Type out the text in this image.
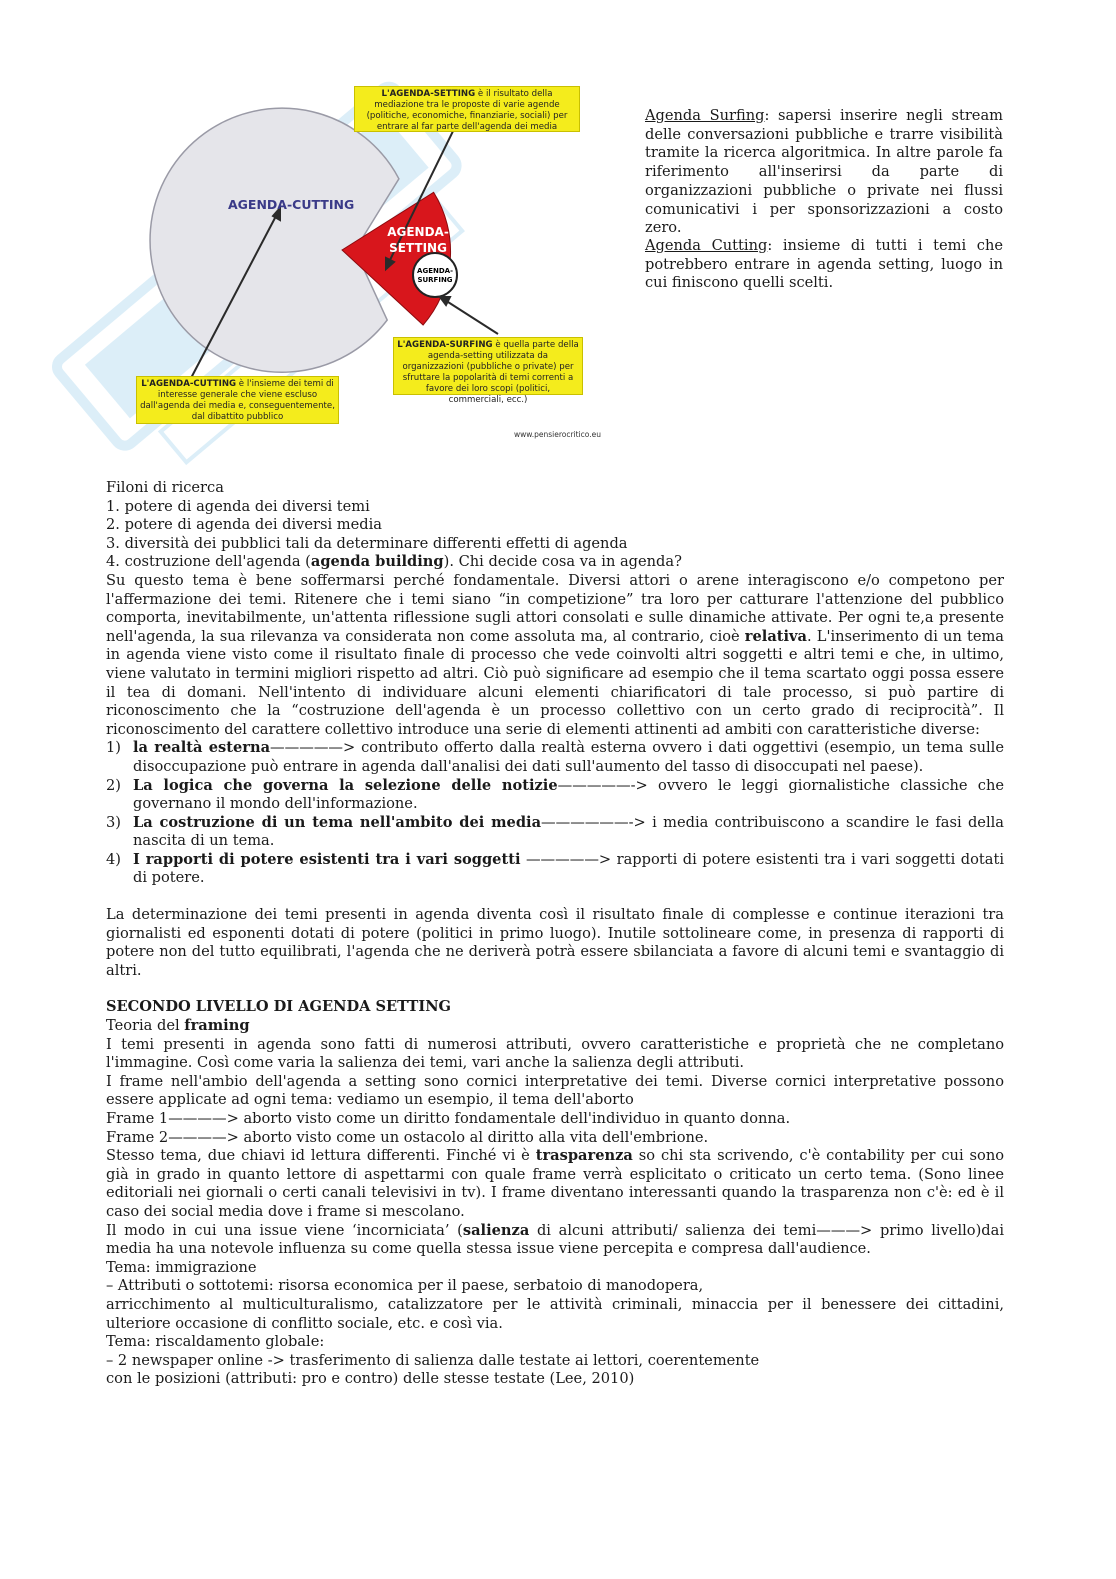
AGENDA-CUTTING
AGENDA-
SETTING
AGENDA-
SURFING
L'AGENDA-SETTING è il risultato della mediazione tra le proposte di varie agende (politiche, economiche, finanziarie, sociali) per entrare al far parte dell'agenda dei media
L'AGENDA-CUTTING è l'insieme dei temi di interesse generale che viene escluso dall'agenda dei media e, conseguentemente, dal dibattito pubblico
L'AGENDA-SURFING è quella parte della agenda-setting utilizzata da organizzazioni (pubbliche o private) per sfruttare la popolarità di temi correnti a favore dei loro scopi (politici, commerciali, ecc.)
www.pensierocritico.eu
Agenda Surfing: sapersi inserire negli stream delle conversazioni pubbliche e trarre visibilità tramite la ricerca algoritmica. In altre parole fa riferimento all'inserirsi da parte di organizzazioni pubbliche o private nei flussi comunicativi i per sponsorizzazioni a costo zero.
Agenda Cutting: insieme di tutti i temi che potrebbero entrare in agenda setting, luogo in cui finiscono quelli scelti.

Filoni di ricerca

1. potere di agenda dei diversi temi

2. potere di agenda dei diversi media

3. diversità dei pubblici tali da determinare differenti effetti di agenda

4. costruzione dell'agenda (agenda building). Chi decide cosa va in agenda?

Su questo tema è bene soffermarsi perché fondamentale. Diversi attori o arene interagiscono e/o competono per l'affermazione dei temi. Ritenere che i temi siano “in competizione” tra loro per catturare l'attenzione del pubblico comporta, inevitabilmente, un'attenta riflessione sugli attori consolati e sulle dinamiche attivate. Per ogni te,a presente nell'agenda, la sua rilevanza va considerata non come assoluta ma, al contrario, cioè relativa. L'inserimento di un tema in agenda viene visto come il risultato finale di processo che vede coinvolti altri soggetti e altri temi e che, in ultimo, viene valutato in termini migliori rispetto ad altri. Ciò può significare ad esempio che il tema scartato oggi possa essere il tea di domani. Nell'intento di individuare alcuni elementi chiarificatori di tale processo, si può partire di riconoscimento che la “costruzione dell'agenda è un processo collettivo con un certo grado di reciprocità”. Il riconoscimento del carattere collettivo introduce una serie di elementi attinenti ad ambiti con caratteristiche diverse:

1) la realtà esterna—————> contributo offerto dalla realtà esterna ovvero i dati oggettivi (esempio, un tema sulle disoccupazione può entrare in agenda dall'analisi dei dati sull'aumento del tasso di disoccupati nel paese).
2) La logica che governa la selezione delle notizie—————-> ovvero le leggi giornalistiche classiche che governano il mondo dell'informazione.
3) La costruzione di un tema nell'ambito dei media——————-> i media contribuiscono a scandire le fasi della nascita di un tema.
4) I rapporti di potere esistenti tra i vari soggetti —————> rapporti di potere esistenti tra i vari soggetti dotati di potere.

La determinazione dei temi presenti in agenda diventa così il risultato finale di complesse e continue iterazioni tra giornalisti ed esponenti dotati di potere (politici in primo luogo). Inutile sottolineare come, in presenza di rapporti di potere non del tutto equilibrati, l'agenda che ne deriverà potrà essere sbilanciata a favore di alcuni temi e svantaggio di altri.

SECONDO LIVELLO DI AGENDA SETTING

Teoria del framing

I temi presenti in agenda sono fatti di numerosi attributi, ovvero caratteristiche e proprietà che ne completano l'immagine. Così come varia la salienza dei temi, vari anche la salienza degli attributi.

I frame nell'ambio dell'agenda a setting sono cornici interpretative dei temi. Diverse cornici interpretative possono essere applicate ad ogni tema: vediamo un esempio, il tema dell'aborto

Frame 1————> aborto visto come un diritto fondamentale dell'individuo in quanto donna.

Frame 2————> aborto visto come un ostacolo al diritto alla vita dell'embrione.

Stesso tema, due chiavi id lettura differenti. Finché vi è trasparenza so chi sta scrivendo, c'è contability per cui sono già in grado in quanto lettore di aspettarmi con quale frame verrà esplicitato o criticato un certo tema. (Sono linee editoriali nei giornali o certi canali televisivi in tv). I frame diventano interessanti quando la trasparenza non c'è: ed è il caso dei social media dove i frame si mescolano.

Il modo in cui una issue viene ‘incorniciata’ (salienza di alcuni attributi/ salienza dei temi———> primo livello)dai media ha una notevole influenza su come quella stessa issue viene percepita e compresa dall'audience.

Tema: immigrazione

– Attributi o sottotemi: risorsa economica per il paese, serbatoio di manodopera,

arricchimento al multiculturalismo, catalizzatore per le attività criminali, minaccia per il benessere dei cittadini, ulteriore occasione di conflitto sociale, etc. e così via.

Tema: riscaldamento globale:

– 2 newspaper online -> trasferimento di salienza dalle testate ai lettori, coerentemente

con le posizioni (attributi: pro e contro) delle stesse testate (Lee, 2010)
